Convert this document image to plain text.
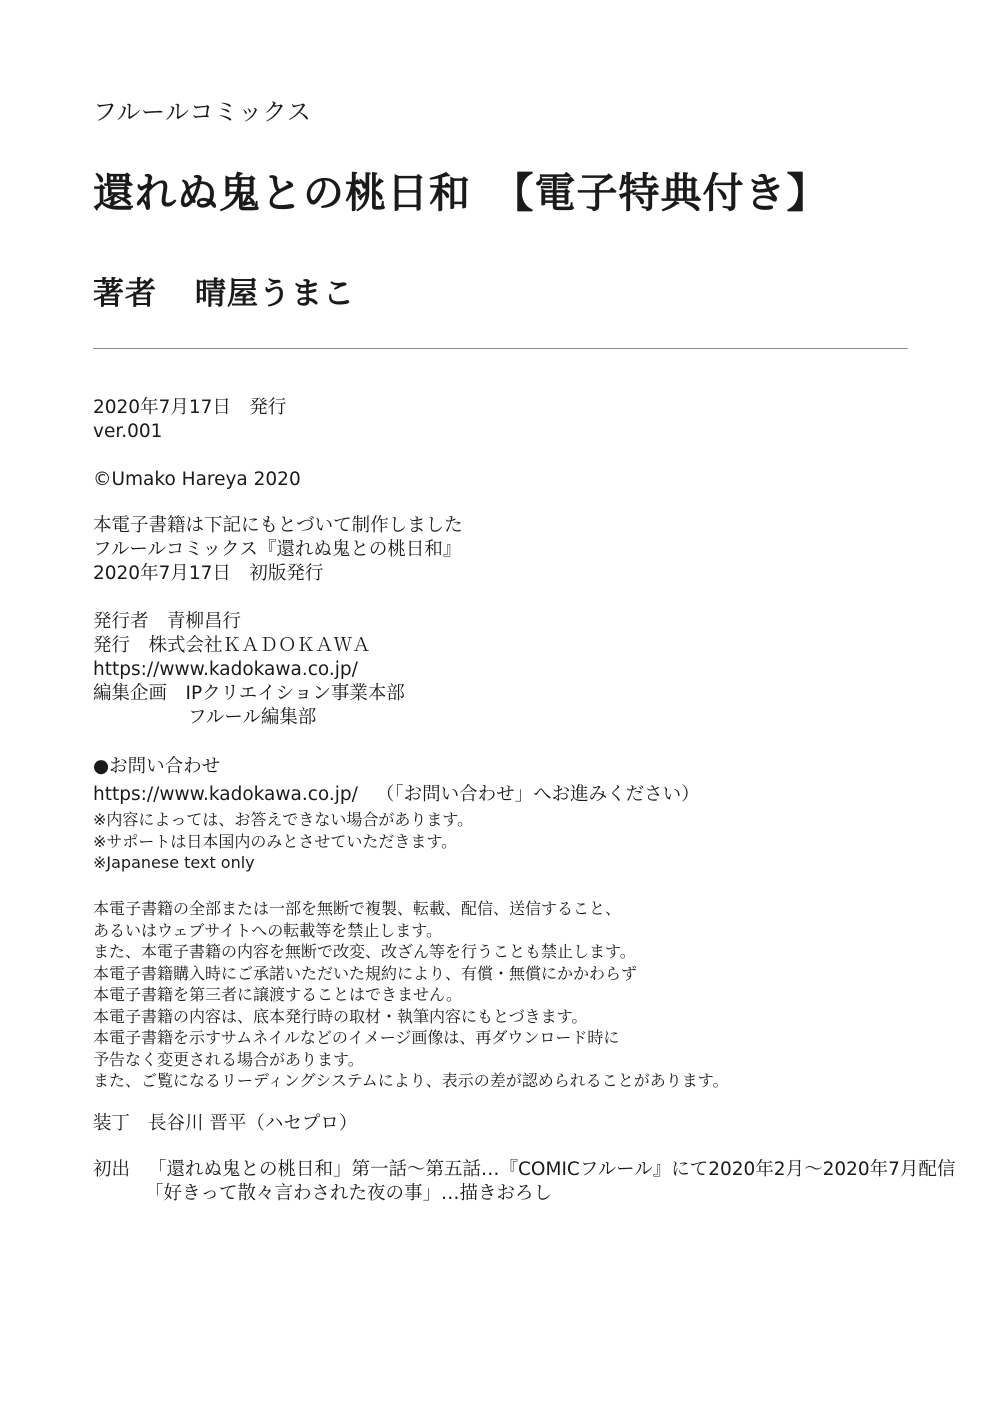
フルールコミックス
還れぬ鬼との桃日和　【電子特典付き】
著者 晴屋うまこ
2020年7月17日　発行
ver.001
©Umako Hareya 2020
本電子書籍は下記にもとづいて制作しました
フルールコミックス『還れぬ鬼との桃日和』
2020年7月17日　初版発行
発行者　青柳昌行
発行　株式会社ＫＡＤＯＫＡＷＡ
https://www.kadokawa.co.jp/
編集企画　IPクリエイション事業本部
フルール編集部
●お問い合わせ
https://www.kadokawa.co.jp/ （「お問い合わせ」へお進みください）
※内容によっては、お答えできない場合があります。
※サポートは日本国内のみとさせていただきます。
※Japanese text only
本電子書籍の全部または一部を無断で複製、転載、配信、送信すること、
あるいはウェブサイトへの転載等を禁止します。
また、本電子書籍の内容を無断で改変、改ざん等を行うことも禁止します。
本電子書籍購入時にご承諾いただいた規約により、有償・無償にかかわらず
本電子書籍を第三者に譲渡することはできません。
本電子書籍の内容は、底本発行時の取材・執筆内容にもとづきます。
本電子書籍を示すサムネイルなどのイメージ画像は、再ダウンロード時に
予告なく変更される場合があります。
また、ご覧になるリーディングシステムにより、表示の差が認められることがあります。
装丁 長谷川 晋平（ハセプロ）
初出 「還れぬ鬼との桃日和」第一話～第五話…『COMICフルール』にて2020年2月～2020年7月配信
「好きって散々言わされた夜の事」…描きおろし
